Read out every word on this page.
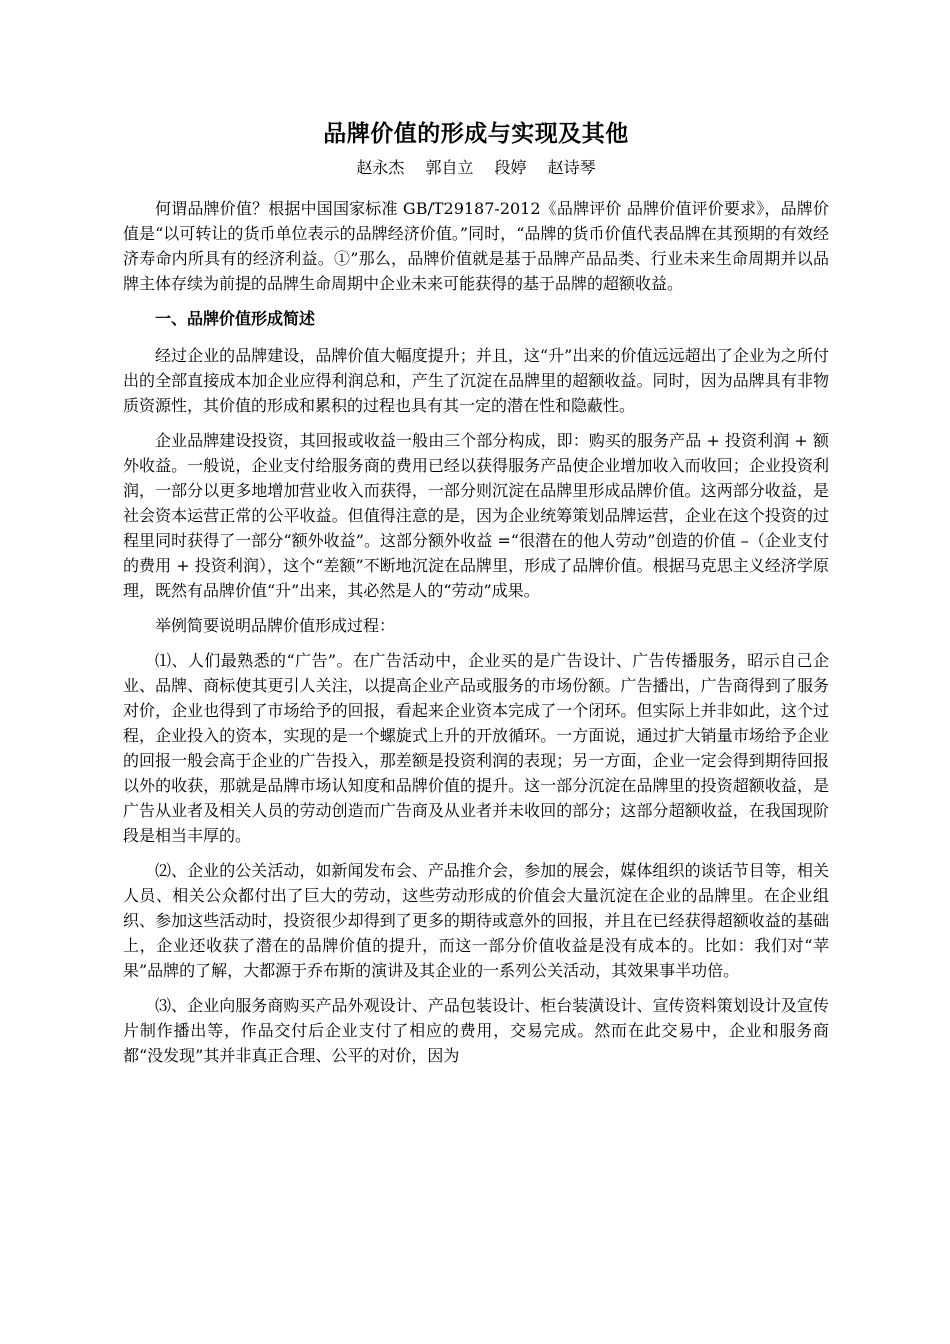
品牌价值的形成与实现及其他
赵永杰 郭自立 段婷 赵诗琴

何谓品牌价值？根据中国国家标准 GB/T29187-2012《品牌评价 品牌价值评价要求》，品牌价值是“以可转让的货币单位表示的品牌经济价值。”同时，“品牌的货币价值代表品牌在其预期的有效经济寿命内所具有的经济利益。①”那么，品牌价值就是基于品牌产品品类、行业未来生命周期并以品牌主体存续为前提的品牌生命周期中企业未来可能获得的基于品牌的超额收益。

一、品牌价值形成简述

经过企业的品牌建设，品牌价值大幅度提升；并且，这“升”出来的价值远远超出了企业为之所付出的全部直接成本加企业应得利润总和，产生了沉淀在品牌里的超额收益。同时，因为品牌具有非物质资源性，其价值的形成和累积的过程也具有其一定的潜在性和隐蔽性。

企业品牌建设投资，其回报或收益一般由三个部分构成，即：购买的服务产品 + 投资利润 + 额外收益。一般说，企业支付给服务商的费用已经以获得服务产品使企业增加收入而收回；企业投资利润，一部分以更多地增加营业收入而获得，一部分则沉淀在品牌里形成品牌价值。这两部分收益，是社会资本运营正常的公平收益。但值得注意的是，因为企业统筹策划品牌运营，企业在这个投资的过程里同时获得了一部分“额外收益”。这部分额外收益 =“很潜在的他人劳动”创造的价值 –（企业支付的费用 + 投资利润），这个“差额”不断地沉淀在品牌里，形成了品牌价值。根据马克思主义经济学原理，既然有品牌价值“升”出来，其必然是人的“劳动”成果。

举例简要说明品牌价值形成过程：

⑴、人们最熟悉的“广告”。在广告活动中，企业买的是广告设计、广告传播服务，昭示自己企业、品牌、商标使其更引人关注，以提高企业产品或服务的市场份额。广告播出，广告商得到了服务对价，企业也得到了市场给予的回报，看起来企业资本完成了一个闭环。但实际上并非如此，这个过程，企业投入的资本，实现的是一个螺旋式上升的开放循环。一方面说，通过扩大销量市场给予企业的回报一般会高于企业的广告投入，那差额是投资利润的表现；另一方面，企业一定会得到期待回报以外的收获，那就是品牌市场认知度和品牌价值的提升。这一部分沉淀在品牌里的投资超额收益，是广告从业者及相关人员的劳动创造而广告商及从业者并未收回的部分；这部分超额收益，在我国现阶段是相当丰厚的。

⑵、企业的公关活动，如新闻发布会、产品推介会，参加的展会，媒体组织的谈话节目等，相关人员、相关公众都付出了巨大的劳动，这些劳动形成的价值会大量沉淀在企业的品牌里。在企业组织、参加这些活动时，投资很少却得到了更多的期待或意外的回报，并且在已经获得超额收益的基础上，企业还收获了潜在的品牌价值的提升，而这一部分价值收益是没有成本的。比如：我们对“苹果”品牌的了解，大都源于乔布斯的演讲及其企业的一系列公关活动，其效果事半功倍。

⑶、企业向服务商购买产品外观设计、产品包装设计、柜台装潢设计、宣传资料策划设计及宣传片制作播出等，作品交付后企业支付了相应的费用，交易完成。然而在此交易中，企业和服务商都“没发现”其并非真正合理、公平的对价，因为
